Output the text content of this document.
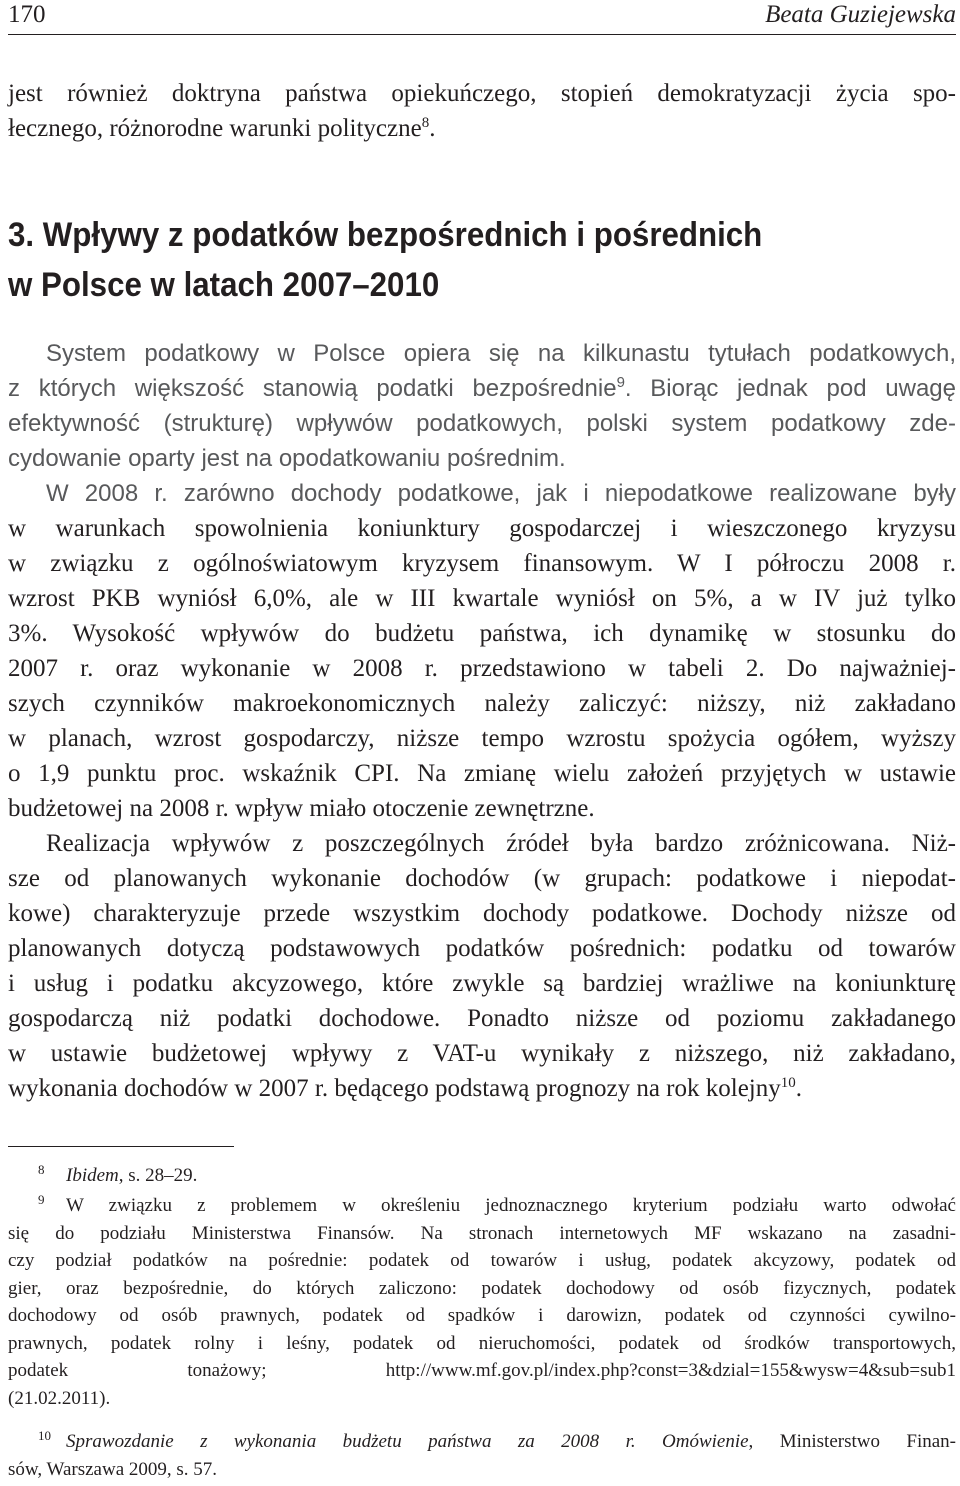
170	Beata Guziejewska
jest również doktryna państwa opiekuńczego, stopień demokratyzacji życia spo-
łecznego, różnorodne warunki polityczne$^8$.
3. Wpływy z podatków bezpośrednich i pośrednich
w Polsce w latach 2007–2010
System podatkowy w Polsce opiera się na kilkunastu tytułach podatkowych,
z których większość stanowią podatki bezpośrednie$^9$. Biorąc jednak pod uwagę
efektywność (strukturę) wpływów podatkowych, polski system podatkowy zde-
cydowanie oparty jest na opodatkowaniu pośrednim.
W 2008 r. zarówno dochody podatkowe, jak i niepodatkowe realizowane były
w warunkach spowolnienia koniunktury gospodarczej i wieszczonego kryzysu
w związku z ogólnoświatowym kryzysem finansowym. W I półroczu 2008 r.
wzrost PKB wyniósł 6,0%, ale w III kwartale wyniósł on 5%, a w IV już tylko
3%. Wysokość wpływów do budżetu państwa, ich dynamikę w stosunku do
2007 r. oraz wykonanie w 2008 r. przedstawiono w tabeli 2. Do najważniej-
szych czynników makroekonomicznych należy zaliczyć: niższy, niż zakładano
w planach, wzrost gospodarczy, niższe tempo wzrostu spożycia ogółem, wyższy
o 1,9 punktu proc. wskaźnik CPI. Na zmianę wielu założeń przyjętych w ustawie
budżetowej na 2008 r. wpływ miało otoczenie zewnętrzne.
Realizacja wpływów z poszczególnych źródeł była bardzo zróżnicowana. Niż-
sze od planowanych wykonanie dochodów (w grupach: podatkowe i niepodat-
kowe) charakteryzuje przede wszystkim dochody podatkowe. Dochody niższe od
planowanych dotyczą podstawowych podatków pośrednich: podatku od towarów
i usług i podatku akcyzowego, które zwykle są bardziej wrażliwe na koniunkturę
gospodarczą niż podatki dochodowe. Ponadto niższe od poziomu zakładanego
w ustawie budżetowej wpływy z VAT-u wynikały z niższego, niż zakładano,
wykonania dochodów w 2007 r. będącego podstawą prognozy na rok kolejny$^{10}$.
$^8$ Ibidem, s. 28–29.
$^9$ W związku z problemem w określeniu jednoznacznego kryterium podziału warto odwołać
się do podziału Ministerstwa Finansów. Na stronach internetowych MF wskazano na zasadni-
czy podział podatków na pośrednie: podatek od towarów i usług, podatek akcyzowy, podatek od
gier, oraz bezpośrednie, do których zaliczono: podatek dochodowy od osób fizycznych, podatek
dochodowy od osób prawnych, podatek od spadków i darowizn, podatek od czynności cywilno-
prawnych, podatek rolny i leśny, podatek od nieruchomości, podatek od środków transportowych,
podatek tonażowy; http://www.mf.gov.pl/index.php?const=3&dzial=155&wysw=4&sub=sub1
(21.02.2011).
$^{10}$ Sprawozdanie z wykonania budżetu państwa za 2008 r. Omówienie, Ministerstwo Finan-
sów, Warszawa 2009, s. 57.
